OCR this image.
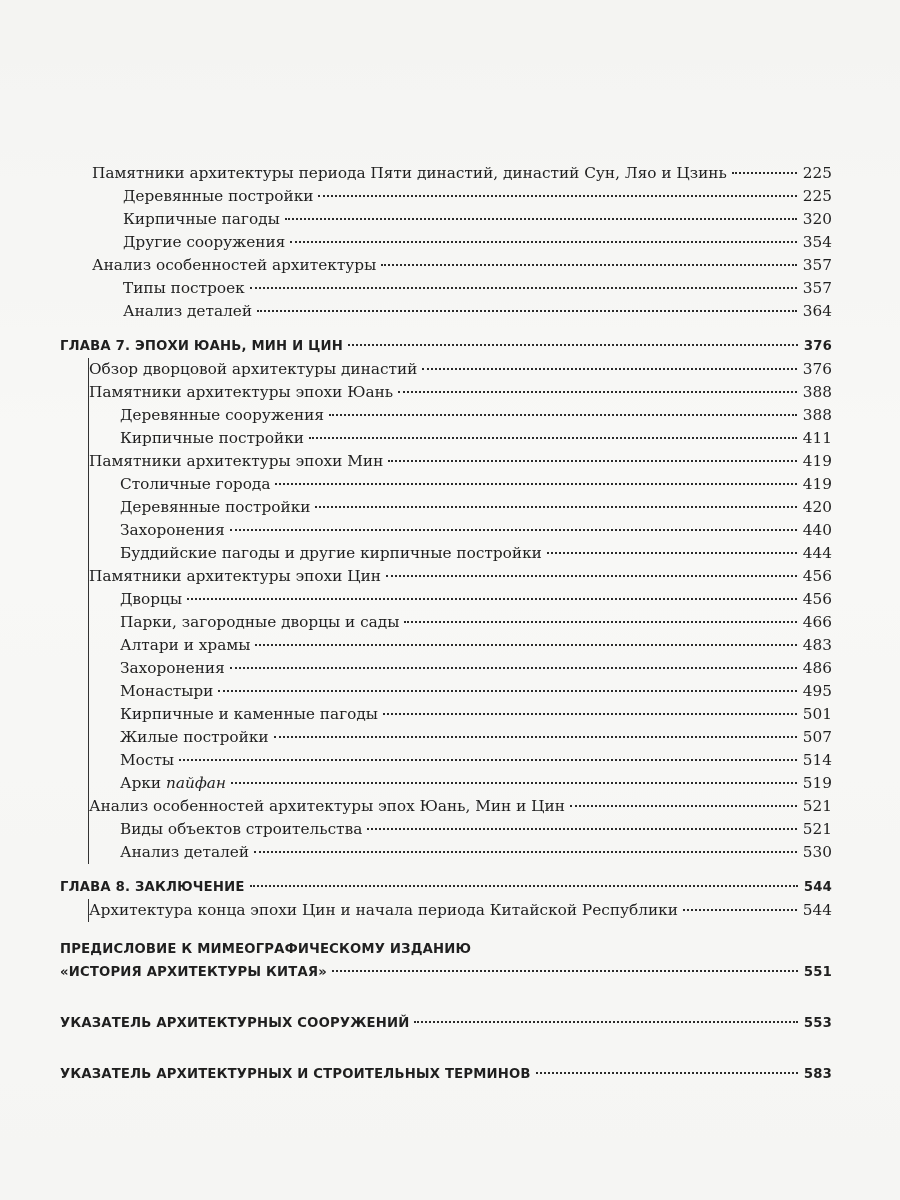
Памятники архитектуры периода Пяти династий, династий Сун, Ляо и Цзинь	225
Деревянные постройки	225
Кирпичные пагоды	320
Другие сооружения	354
Анализ особенностей архитектуры	357
Типы построек	357
Анализ деталей	364
ГЛАВА 7. ЭПОХИ ЮАНЬ, МИН И ЦИН	376
Обзор дворцовой архитектуры династий	376
Памятники архитектуры эпохи Юань	388
Деревянные сооружения	388
Кирпичные постройки	411
Памятники архитектуры эпохи Мин	419
Столичные города	419
Деревянные постройки	420
Захоронения	440
Буддийские пагоды и другие кирпичные постройки	444
Памятники архитектуры эпохи Цин	456
Дворцы	456
Парки, загородные дворцы и сады	466
Алтари и храмы	483
Захоронения	486
Монастыри	495
Кирпичные и каменные пагоды	501
Жилые постройки	507
Мосты	514
Арки пайфан	519
Анализ особенностей архитектуры эпох Юань, Мин и Цин	521
Виды объектов строительства	521
Анализ деталей	530
ГЛАВА 8. ЗАКЛЮЧЕНИЕ	544
Архитектура конца эпохи Цин и начала периода Китайской Республики	544
ПРЕДИСЛОВИЕ К МИМЕОГРАФИЧЕСКОМУ ИЗДАНИЮ
«ИСТОРИЯ АРХИТЕКТУРЫ КИТАЯ»	551
УКАЗАТЕЛЬ АРХИТЕКТУРНЫХ СООРУЖЕНИЙ	553
УКАЗАТЕЛЬ АРХИТЕКТУРНЫХ И СТРОИТЕЛЬНЫХ ТЕРМИНОВ	583
